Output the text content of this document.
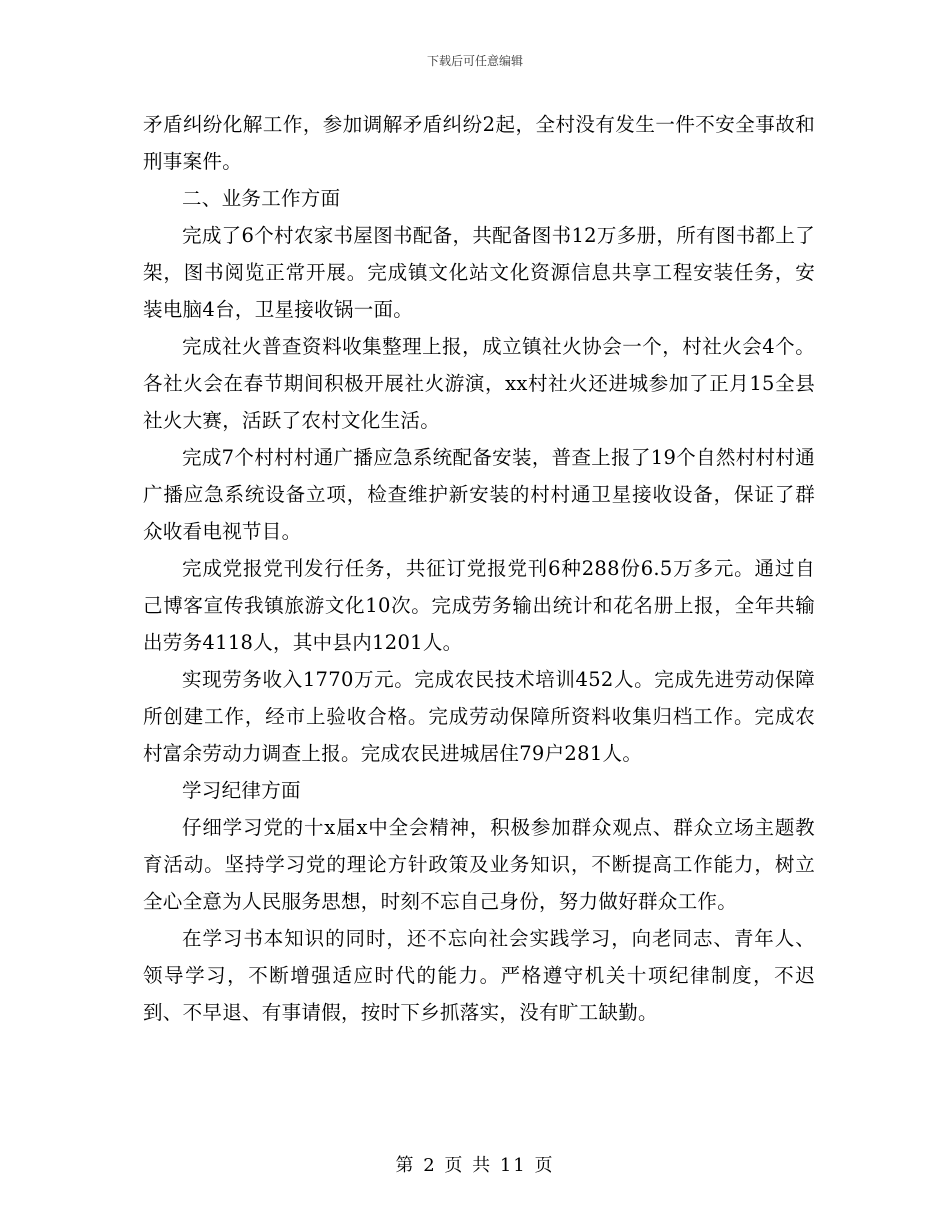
下载后可任意编辑

矛盾纠纷化解工作，参加调解矛盾纠纷2起，全村没有发生一件不安全事故和刑事案件。

二、业务工作方面

完成了6个村农家书屋图书配备，共配备图书12万多册，所有图书都上了架，图书阅览正常开展。完成镇文化站文化资源信息共享工程安装任务，安装电脑4台，卫星接收锅一面。

完成社火普查资料收集整理上报，成立镇社火协会一个，村社火会4个。各社火会在春节期间积极开展社火游演，xx村社火还进城参加了正月15全县社火大赛，活跃了农村文化生活。

完成7个村村村通广播应急系统配备安装，普查上报了19个自然村村村通广播应急系统设备立项，检查维护新安装的村村通卫星接收设备，保证了群众收看电视节目。

完成党报党刊发行任务，共征订党报党刊6种288份6.5万多元。通过自己博客宣传我镇旅游文化10次。完成劳务输出统计和花名册上报，全年共输出劳务4118人，其中县内1201人。

实现劳务收入1770万元。完成农民技术培训452人。完成先进劳动保障所创建工作，经市上验收合格。完成劳动保障所资料收集归档工作。完成农村富余劳动力调查上报。完成农民进城居住79户281人。

学习纪律方面

仔细学习党的十x届x中全会精神，积极参加群众观点、群众立场主题教育活动。坚持学习党的理论方针政策及业务知识，不断提高工作能力，树立全心全意为人民服务思想，时刻不忘自己身份，努力做好群众工作。

在学习书本知识的同时，还不忘向社会实践学习，向老同志、青年人、领导学习，不断增强适应时代的能力。严格遵守机关十项纪律制度，不迟到、不早退、有事请假，按时下乡抓落实，没有旷工缺勤。

第 2 页 共 11 页
